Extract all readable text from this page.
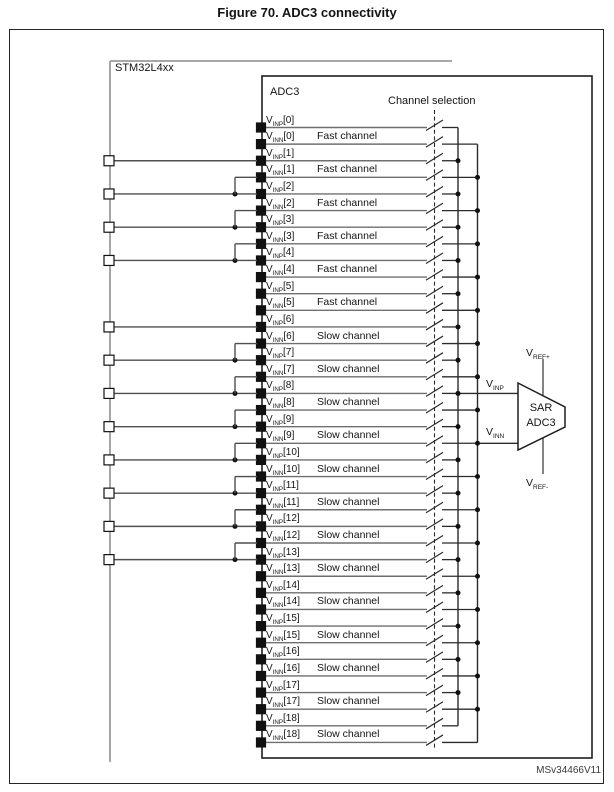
Figure 70. ADC3 connectivity
STM32L4xx
ADC3
Channel selection
SAR
ADC3
$V_{REF+}$
$V_{REF-}$
$V_{INP}$
$V_{INN}$
MSv34466V11
$V_{INP}[0]$
$V_{INN}[0]$ Fast channel
$V_{INP}[1]$
$V_{INN}[1]$ Fast channel
$V_{INP}[2]$
$V_{INN}[2]$ Fast channel
$V_{INP}[3]$
$V_{INN}[3]$ Fast channel
$V_{INP}[4]$
$V_{INN}[4]$ Fast channel
$V_{INP}[5]$
$V_{INN}[5]$ Fast channel
$V_{INP}[6]$
$V_{INN}[6]$ Slow channel
$V_{INP}[7]$
$V_{INN}[7]$ Slow channel
$V_{INP}[8]$
$V_{INN}[8]$ Slow channel
$V_{INP}[9]$
$V_{INN}[9]$ Slow channel
$V_{INP}[10]$
$V_{INN}[10]$ Slow channel
$V_{INP}[11]$
$V_{INN}[11]$ Slow channel
$V_{INP}[12]$
$V_{INN}[12]$ Slow channel
$V_{INP}[13]$
$V_{INN}[13]$ Slow channel
$V_{INP}[14]$
$V_{INN}[14]$ Slow channel
$V_{INP}[15]$
$V_{INN}[15]$ Slow channel
$V_{INP}[16]$
$V_{INN}[16]$ Slow channel
$V_{INP}[17]$
$V_{INN}[17]$ Slow channel
$V_{INP}[18]$
$V_{INN}[18]$ Slow channel
